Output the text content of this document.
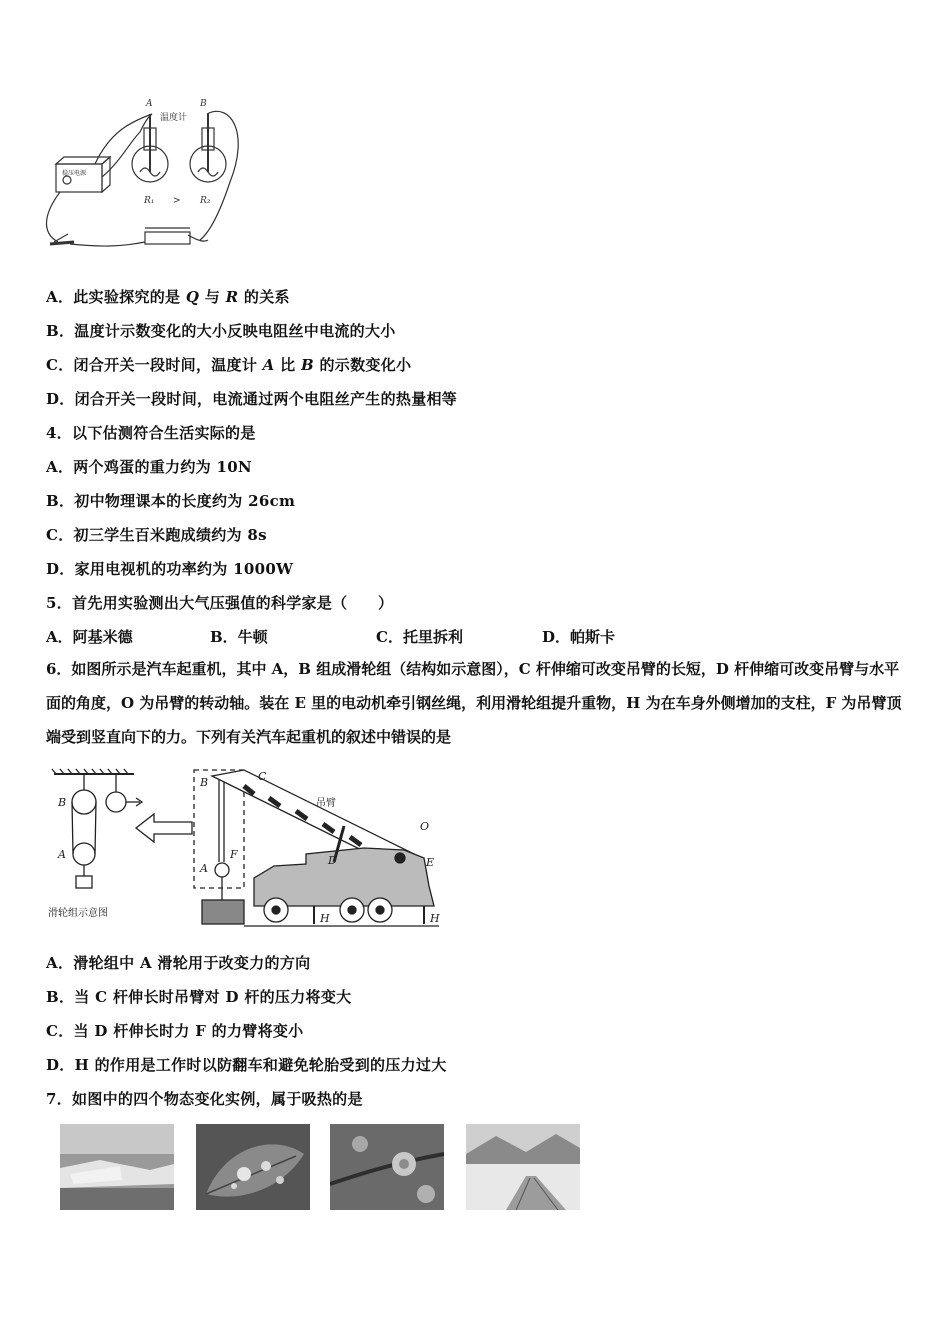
A	B
温度计
稳压电源
R₁ > R₂
A．此实验探究的是 Q 与 R 的关系
B．温度计示数变化的大小反映电阻丝中电流的大小
C．闭合开关一段时间，温度计 A 比 B 的示数变化小
D．闭合开关一段时间，电流通过两个电阻丝产生的热量相等
4．以下估测符合生活实际的是
A．两个鸡蛋的重力约为 10N
B．初中物理课本的长度约为 26cm
C．初三学生百米跑成绩约为 8s
D．家用电视机的功率约为 1000W
5．首先用实验测出大气压强值的科学家是（　　）
A．阿基米德	B．牛顿	C．托里拆利	D．帕斯卡
6．如图所示是汽车起重机，其中 A，B 组成滑轮组（结构如示意图），C 杆伸缩可改变吊臂的长短，D 杆伸缩可改变吊臂与水平面的角度，O 为吊臂的转动轴。装在 E 里的电动机牵引钢丝绳，利用滑轮组提升重物，H 为在车身外侧增加的支柱，F 为吊臂顶端受到竖直向下的力。下列有关汽车起重机的叙述中错误的是
B
A
滑轮组示意图
B
A
F
C
吊臂
D
O
E
H	H
A．滑轮组中 A 滑轮用于改变力的方向
B．当 C 杆伸长时吊臂对 D 杆的压力将变大
C．当 D 杆伸长时力 F 的力臂将变小
D．H 的作用是工作时以防翻车和避免轮胎受到的压力过大
7．如图中的四个物态变化实例，属于吸热的是
